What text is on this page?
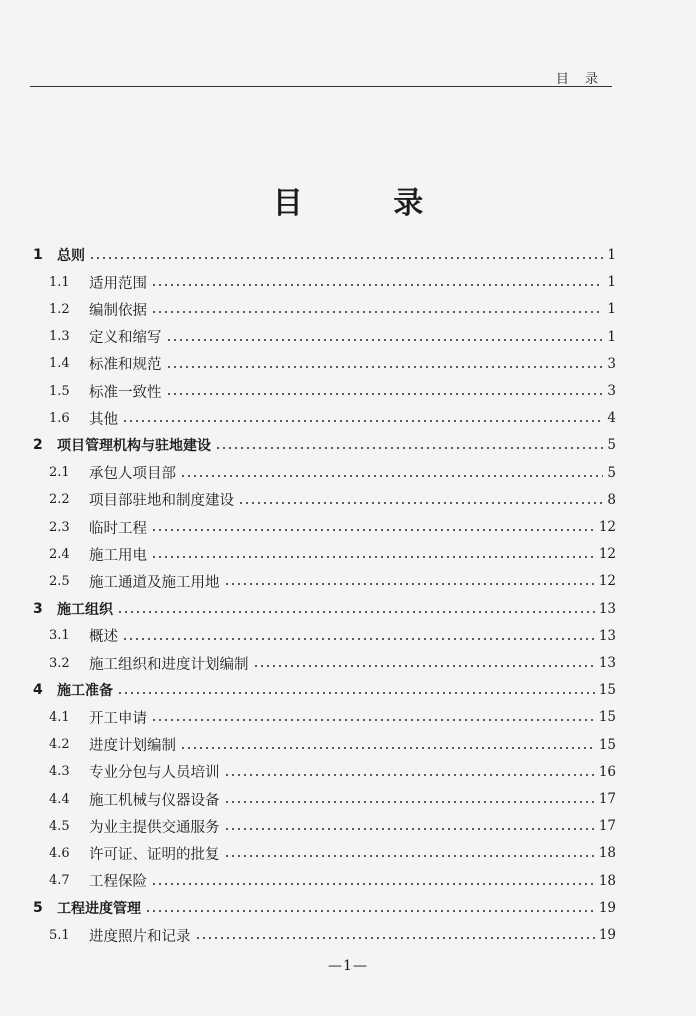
目 录
目 录
1	总则	1
1.1	适用范围	1
1.2	编制依据	1
1.3	定义和缩写	1
1.4	标准和规范	3
1.5	标准一致性	3
1.6	其他	4
2	项目管理机构与驻地建设	5
2.1	承包人项目部	5
2.2	项目部驻地和制度建设	8
2.3	临时工程	12
2.4	施工用电	12
2.5	施工通道及施工用地	12
3	施工组织	13
3.1	概述	13
3.2	施工组织和进度计划编制	13
4	施工准备	15
4.1	开工申请	15
4.2	进度计划编制	15
4.3	专业分包与人员培训	16
4.4	施工机械与仪器设备	17
4.5	为业主提供交通服务	17
4.6	许可证、证明的批复	18
4.7	工程保险	18
5	工程进度管理	19
5.1	进度照片和记录	19
—1—
